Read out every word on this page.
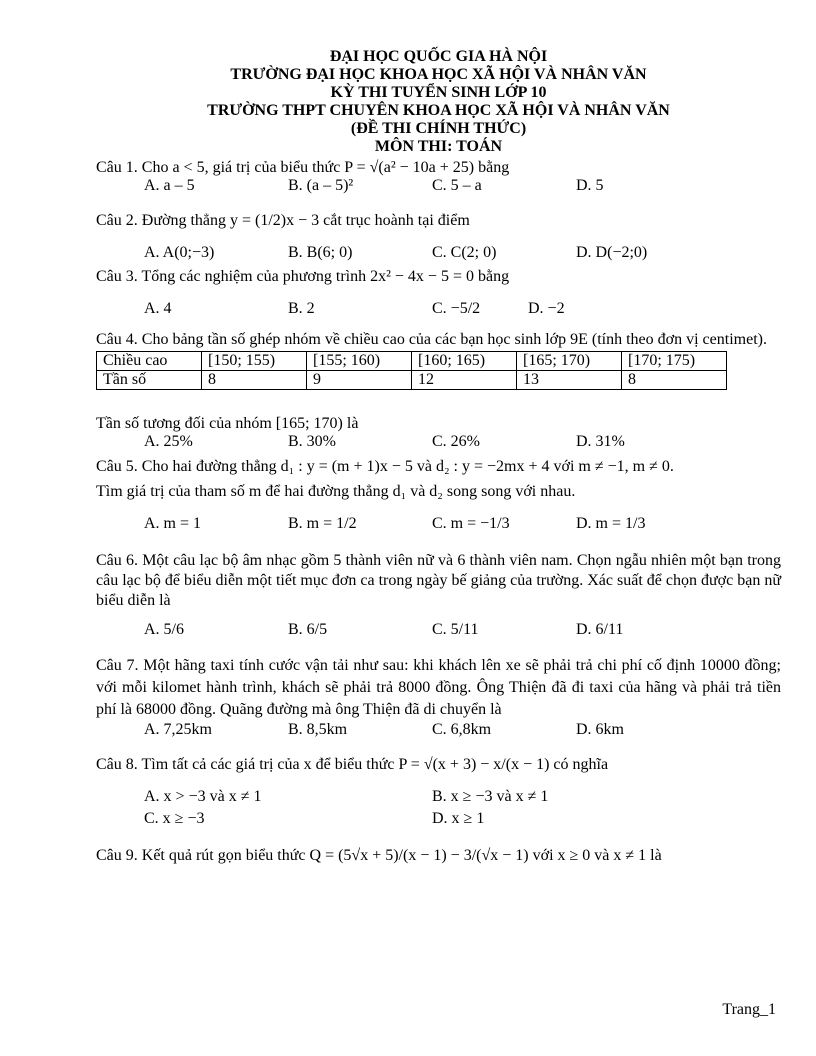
ĐẠI HỌC QUỐC GIA HÀ NỘI
TRƯỜNG ĐẠI HỌC KHOA HỌC XÃ HỘI VÀ NHÂN VĂN
KỲ THI TUYỂN SINH LỚP 10
TRƯỜNG THPT CHUYÊN KHOA HỌC XÃ HỘI VÀ NHÂN VĂN
(ĐỀ THI CHÍNH THỨC)
MÔN THI: TOÁN
Câu 1. Cho a < 5, giá trị của biểu thức P = √(a² − 10a + 25) bằng
A. a – 5	B. (a – 5)²	C. 5 – a	D. 5
Câu 2. Đường thẳng y = (1/2)x − 3 cắt trục hoành tại điểm
A. A(0;−3)	B. B(6; 0)	C. C(2; 0)	D. D(−2;0)
Câu 3. Tổng các nghiệm của phương trình 2x² − 4x − 5 = 0 bằng
A. 4	B. 2	C. −5/2	D. −2
Câu 4. Cho bảng tần số ghép nhóm về chiều cao của các bạn học sinh lớp 9E (tính theo đơn vị centimet).
Chiều cao	[150; 155)	[155; 160)	[160; 165)	[165; 170)	[170; 175)
Tần số	8	9	12	13	8
Tần số tương đối của nhóm [165; 170) là
A. 25%	B. 30%	C. 26%	D. 31%
Câu 5. Cho hai đường thẳng d₁ : y = (m + 1)x − 5 và d₂ : y = −2mx + 4 với m ≠ −1, m ≠ 0.
Tìm giá trị của tham số m để hai đường thẳng d₁ và d₂ song song với nhau.
A. m = 1	B. m = 1/2	C. m = −1/3	D. m = 1/3
Câu 6. Một câu lạc bộ âm nhạc gồm 5 thành viên nữ và 6 thành viên nam. Chọn ngẫu nhiên một bạn trong câu lạc bộ để biểu diễn một tiết mục đơn ca trong ngày bế giảng của trường. Xác suất để chọn được bạn nữ biểu diễn là
A. 5/6	B. 6/5	C. 5/11	D. 6/11
Câu 7. Một hãng taxi tính cước vận tải như sau: khi khách lên xe sẽ phải trả chi phí cố định 10000 đồng; với mỗi kilomet hành trình, khách sẽ phải trả 8000 đồng. Ông Thiện đã đi taxi của hãng và phải trả tiền phí là 68000 đồng. Quãng đường mà ông Thiện đã di chuyển là
A. 7,25km	B. 8,5km	C. 6,8km	D. 6km
Câu 8. Tìm tất cả các giá trị của x để biểu thức P = √(x + 3) − x/(x − 1) có nghĩa
A. x > −3 và x ≠ 1	B. x ≥ −3 và x ≠ 1
C. x ≥ −3	D. x ≥ 1
Câu 9. Kết quả rút gọn biểu thức Q = (5√x + 5)/(x − 1) − 3/(√x − 1) với x ≥ 0 và x ≠ 1 là
Trang_1
